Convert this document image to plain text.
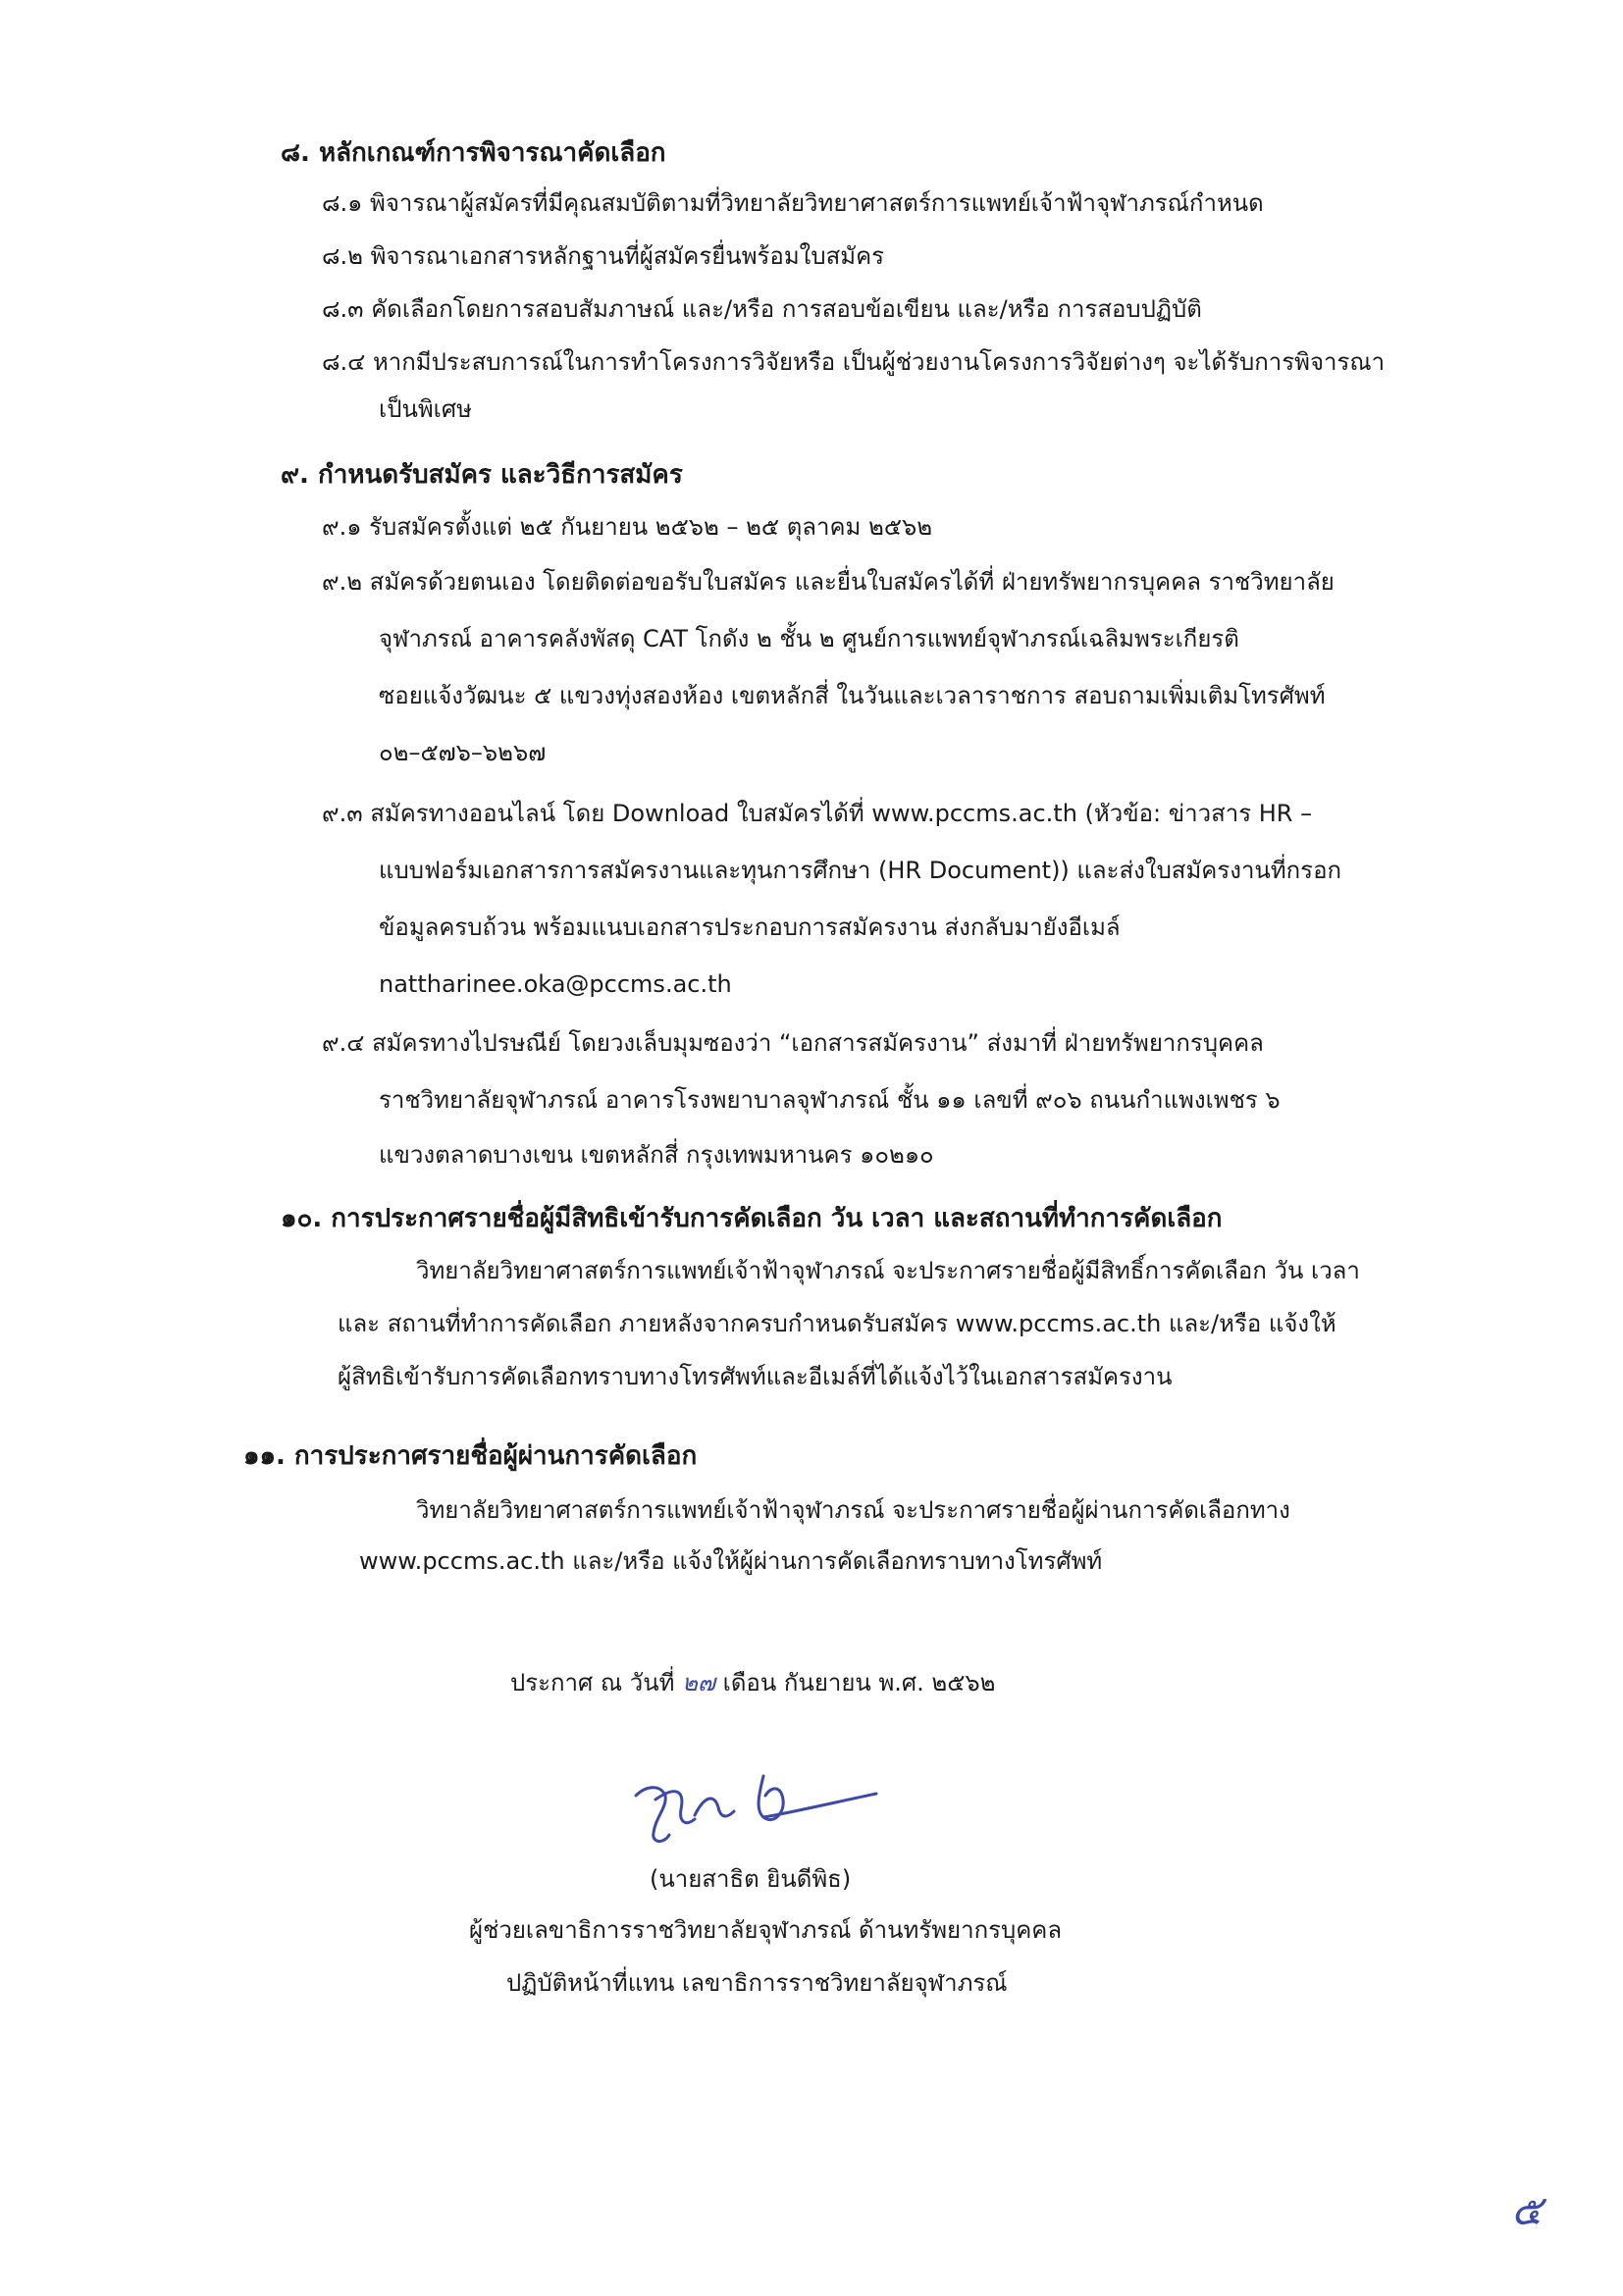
๘. หลักเกณฑ์การพิจารณาคัดเลือก
๘.๑ พิจารณาผู้สมัครที่มีคุณสมบัติตามที่วิทยาลัยวิทยาศาสตร์การแพทย์เจ้าฟ้าจุฬาภรณ์กำหนด
๘.๒ พิจารณาเอกสารหลักฐานที่ผู้สมัครยื่นพร้อมใบสมัคร
๘.๓ คัดเลือกโดยการสอบสัมภาษณ์ และ/หรือ การสอบข้อเขียน และ/หรือ การสอบปฏิบัติ
๘.๔ หากมีประสบการณ์ในการทำโครงการวิจัยหรือ เป็นผู้ช่วยงานโครงการวิจัยต่างๆ จะได้รับการพิจารณา
เป็นพิเศษ
๙. กำหนดรับสมัคร และวิธีการสมัคร
๙.๑ รับสมัครตั้งแต่ ๒๕ กันยายน ๒๕๖๒ – ๒๕ ตุลาคม ๒๕๖๒
๙.๒ สมัครด้วยตนเอง โดยติดต่อขอรับใบสมัคร และยื่นใบสมัครได้ที่ ฝ่ายทรัพยากรบุคคล ราชวิทยาลัย
จุฬาภรณ์ อาคารคลังพัสดุ CAT โกดัง ๒ ชั้น ๒ ศูนย์การแพทย์จุฬาภรณ์เฉลิมพระเกียรติ
ซอยแจ้งวัฒนะ ๕ แขวงทุ่งสองห้อง เขตหลักสี่ ในวันและเวลาราชการ สอบถามเพิ่มเติมโทรศัพท์
๐๒–๕๗๖–๖๒๖๗
๙.๓ สมัครทางออนไลน์ โดย Download ใบสมัครได้ที่ www.pccms.ac.th (หัวข้อ: ข่าวสาร HR –
แบบฟอร์มเอกสารการสมัครงานและทุนการศึกษา (HR Document)) และส่งใบสมัครงานที่กรอก
ข้อมูลครบถ้วน พร้อมแนบเอกสารประกอบการสมัครงาน ส่งกลับมายังอีเมล์
nattharinee.oka@pccms.ac.th
๙.๔ สมัครทางไปรษณีย์ โดยวงเล็บมุมซองว่า “เอกสารสมัครงาน” ส่งมาที่ ฝ่ายทรัพยากรบุคคล
ราชวิทยาลัยจุฬาภรณ์ อาคารโรงพยาบาลจุฬาภรณ์ ชั้น ๑๑ เลขที่ ๙๐๖ ถนนกำแพงเพชร ๖
แขวงตลาดบางเขน เขตหลักสี่ กรุงเทพมหานคร ๑๐๒๑๐
๑๐. การประกาศรายชื่อผู้มีสิทธิเข้ารับการคัดเลือก วัน เวลา และสถานที่ทำการคัดเลือก
วิทยาลัยวิทยาศาสตร์การแพทย์เจ้าฟ้าจุฬาภรณ์ จะประกาศรายชื่อผู้มีสิทธิ์การคัดเลือก วัน เวลา
และ สถานที่ทำการคัดเลือก ภายหลังจากครบกำหนดรับสมัคร www.pccms.ac.th และ/หรือ แจ้งให้
ผู้สิทธิเข้ารับการคัดเลือกทราบทางโทรศัพท์และอีเมล์ที่ได้แจ้งไว้ในเอกสารสมัครงาน
๑๑. การประกาศรายชื่อผู้ผ่านการคัดเลือก
วิทยาลัยวิทยาศาสตร์การแพทย์เจ้าฟ้าจุฬาภรณ์ จะประกาศรายชื่อผู้ผ่านการคัดเลือกทาง
www.pccms.ac.th และ/หรือ แจ้งให้ผู้ผ่านการคัดเลือกทราบทางโทรศัพท์
ประกาศ ณ วันที่ ๒๗ เดือน กันยายน พ.ศ. ๒๕๖๒
(นายสาธิต ยินดีพิธ)
ผู้ช่วยเลขาธิการราชวิทยาลัยจุฬาภรณ์ ด้านทรัพยากรบุคคล
ปฏิบัติหน้าที่แทน เลขาธิการราชวิทยาลัยจุฬาภรณ์
๕
